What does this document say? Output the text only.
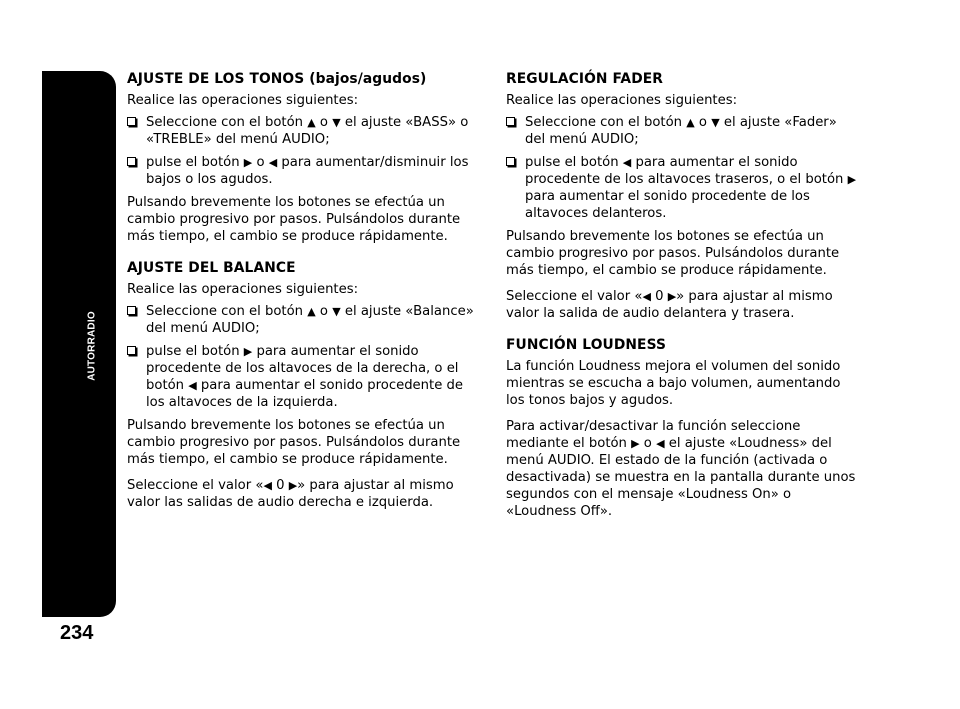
AUTORRADIO
234
AJUSTE DE LOS TONOS (bajos/agudos)

Realice las operaciones siguientes:

Seleccione con el botón ▲ o ▼ el ajuste «BASS» o «TREBLE» del menú AUDIO;
pulse el botón ▶ o ◀ para aumentar/disminuir los bajos o los agudos.

Pulsando brevemente los botones se efectúa un cambio progresivo por pasos. Pulsándolos durante más tiempo, el cambio se produce rápidamente.

AJUSTE DEL BALANCE

Realice las operaciones siguientes:

Seleccione con el botón ▲ o ▼ el ajuste «Balance» del menú AUDIO;
pulse el botón ▶ para aumentar el sonido procedente de los altavoces de la derecha, o el botón ◀ para aumentar el sonido procedente de los altavoces de la izquierda.

Pulsando brevemente los botones se efectúa un cambio progresivo por pasos. Pulsándolos durante más tiempo, el cambio se produce rápidamente.

Seleccione el valor «◀ 0 ▶» para ajustar al mismo valor las salidas de audio derecha e izquierda.

REGULACIÓN FADER

Realice las operaciones siguientes:

Seleccione con el botón ▲ o ▼ el ajuste «Fader» del menú AUDIO;
pulse el botón ◀ para aumentar el sonido procedente de los altavoces traseros, o el botón ▶ para aumentar el sonido procedente de los altavoces delanteros.

Pulsando brevemente los botones se efectúa un cambio progresivo por pasos. Pulsándolos durante más tiempo, el cambio se produce rápidamente.

Seleccione el valor «◀ 0 ▶» para ajustar al mismo valor la salida de audio delantera y trasera.

FUNCIÓN LOUDNESS

La función Loudness mejora el volumen del sonido mientras se escucha a bajo volumen, aumentando los tonos bajos y agudos.

Para activar/desactivar la función seleccione mediante el botón ▶ o ◀ el ajuste «Loudness» del menú AUDIO. El estado de la función (activada o desactivada) se muestra en la pantalla durante unos segundos con el mensaje «Loudness On» o «Loudness Off».
